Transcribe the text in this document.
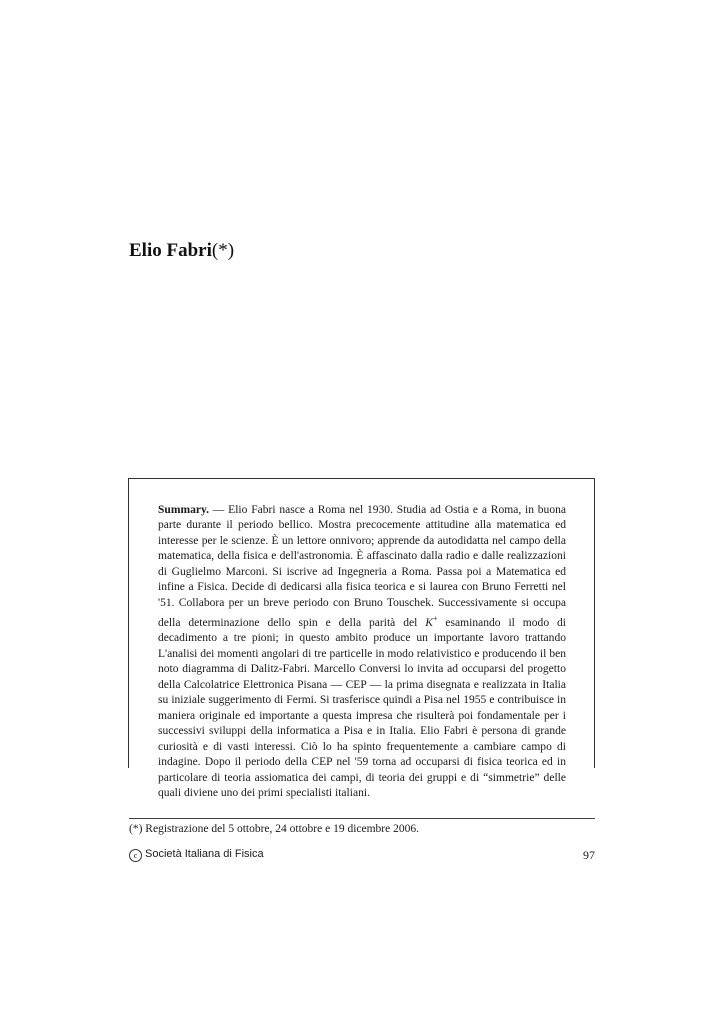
Elio Fabri(*)
Summary. — Elio Fabri nasce a Roma nel 1930. Studia ad Ostia e a Roma, in buona parte durante il periodo bellico. Mostra precocemente attitudine alla matematica ed interesse per le scienze. È un lettore onnivoro; apprende da autodidatta nel campo della matematica, della fisica e dell'astronomia. È affascinato dalla radio e dalle realizzazioni di Guglielmo Marconi. Si iscrive ad Ingegneria a Roma. Passa poi a Matematica ed infine a Fisica. Decide di dedicarsi alla fisica teorica e si laurea con Bruno Ferretti nel '51. Collabora per un breve periodo con Bruno Touschek. Successivamente si occupa della determinazione dello spin e della parità del K+ esaminando il modo di decadimento a tre pioni; in questo ambito produce un importante lavoro trattando L'analisi dei momenti angolari di tre particelle in modo relativistico e producendo il ben noto diagramma di Dalitz-Fabri. Marcello Conversi lo invita ad occuparsi del progetto della Calcolatrice Elettronica Pisana — CEP — la prima disegnata e realizzata in Italia su iniziale suggerimento di Fermi. Si trasferisce quindi a Pisa nel 1955 e contribuisce in maniera originale ed importante a questa impresa che risulterà poi fondamentale per i successivi sviluppi della informatica a Pisa e in Italia. Elio Fabri è persona di grande curiosità e di vasti interessi. Ciò lo ha spinto frequentemente a cambiare campo di indagine. Dopo il periodo della CEP nel '59 torna ad occuparsi di fisica teorica ed in particolare di teoria assiomatica dei campi, di teoria dei gruppi e di “simmetrie” delle quali diviene uno dei primi specialisti italiani.
(*) Registrazione del 5 ottobre, 24 ottobre e 19 dicembre 2006.
c Società Italiana di Fisica	97
